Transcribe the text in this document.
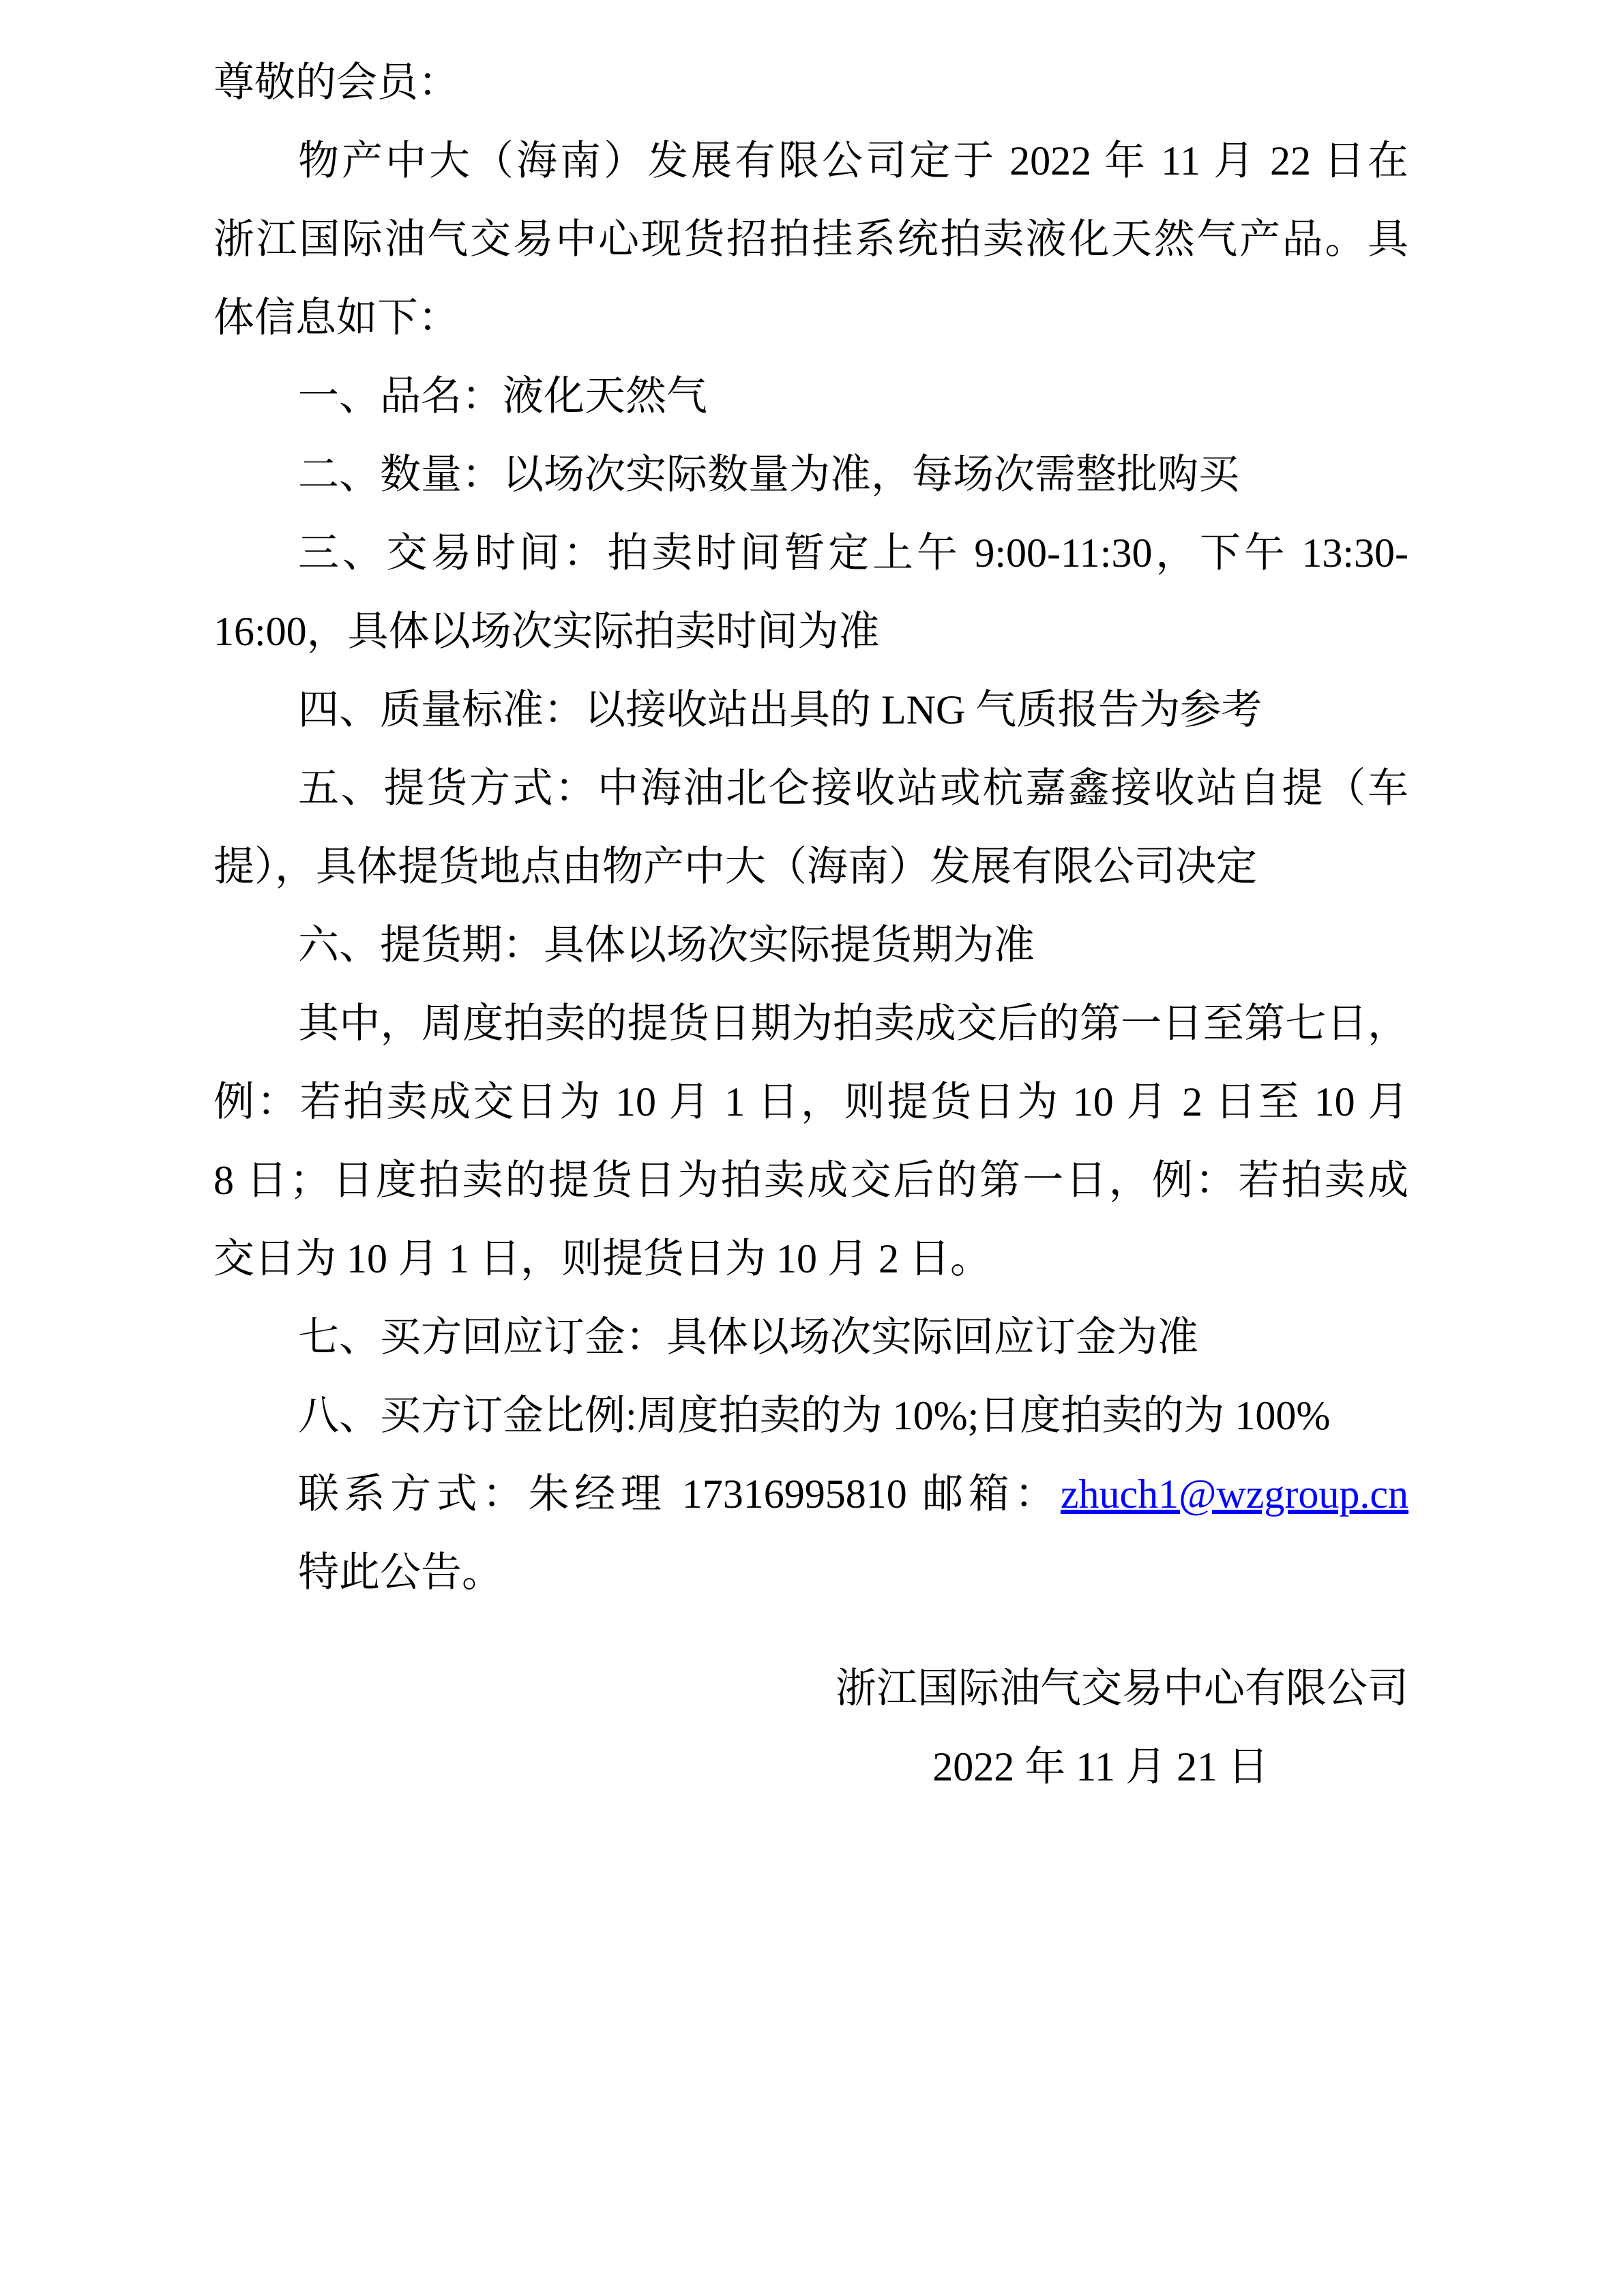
尊敬的会员：
物产中大（海南）发展有限公司定于 2022 年 11 月 22 日在
浙江国际油气交易中心现货招拍挂系统拍卖液化天然气产品。具
体信息如下：
一、品名：液化天然气
二、数量：以场次实际数量为准，每场次需整批购买
三、交易时间：拍卖时间暂定上午 9:00-11:30，下午 13:30-
16:00，具体以场次实际拍卖时间为准
四、质量标准：以接收站出具的 LNG 气质报告为参考
五、提货方式：中海油北仑接收站或杭嘉鑫接收站自提（车
提），具体提货地点由物产中大（海南）发展有限公司决定
六、提货期：具体以场次实际提货期为准
其中，周度拍卖的提货日期为拍卖成交后的第一日至第七日，
例：若拍卖成交日为 10 月 1 日，则提货日为 10 月 2 日至 10 月
8 日；日度拍卖的提货日为拍卖成交后的第一日，例：若拍卖成
交日为 10 月 1 日，则提货日为 10 月 2 日。
七、买方回应订金：具体以场次实际回应订金为准
八、买方订金比例:周度拍卖的为 10%;日度拍卖的为 100%
联系方式：朱经理 17316995810 邮箱：zhuch1@wzgroup.cn
特此公告。
浙江国际油气交易中心有限公司
2022 年 11 月 21 日
